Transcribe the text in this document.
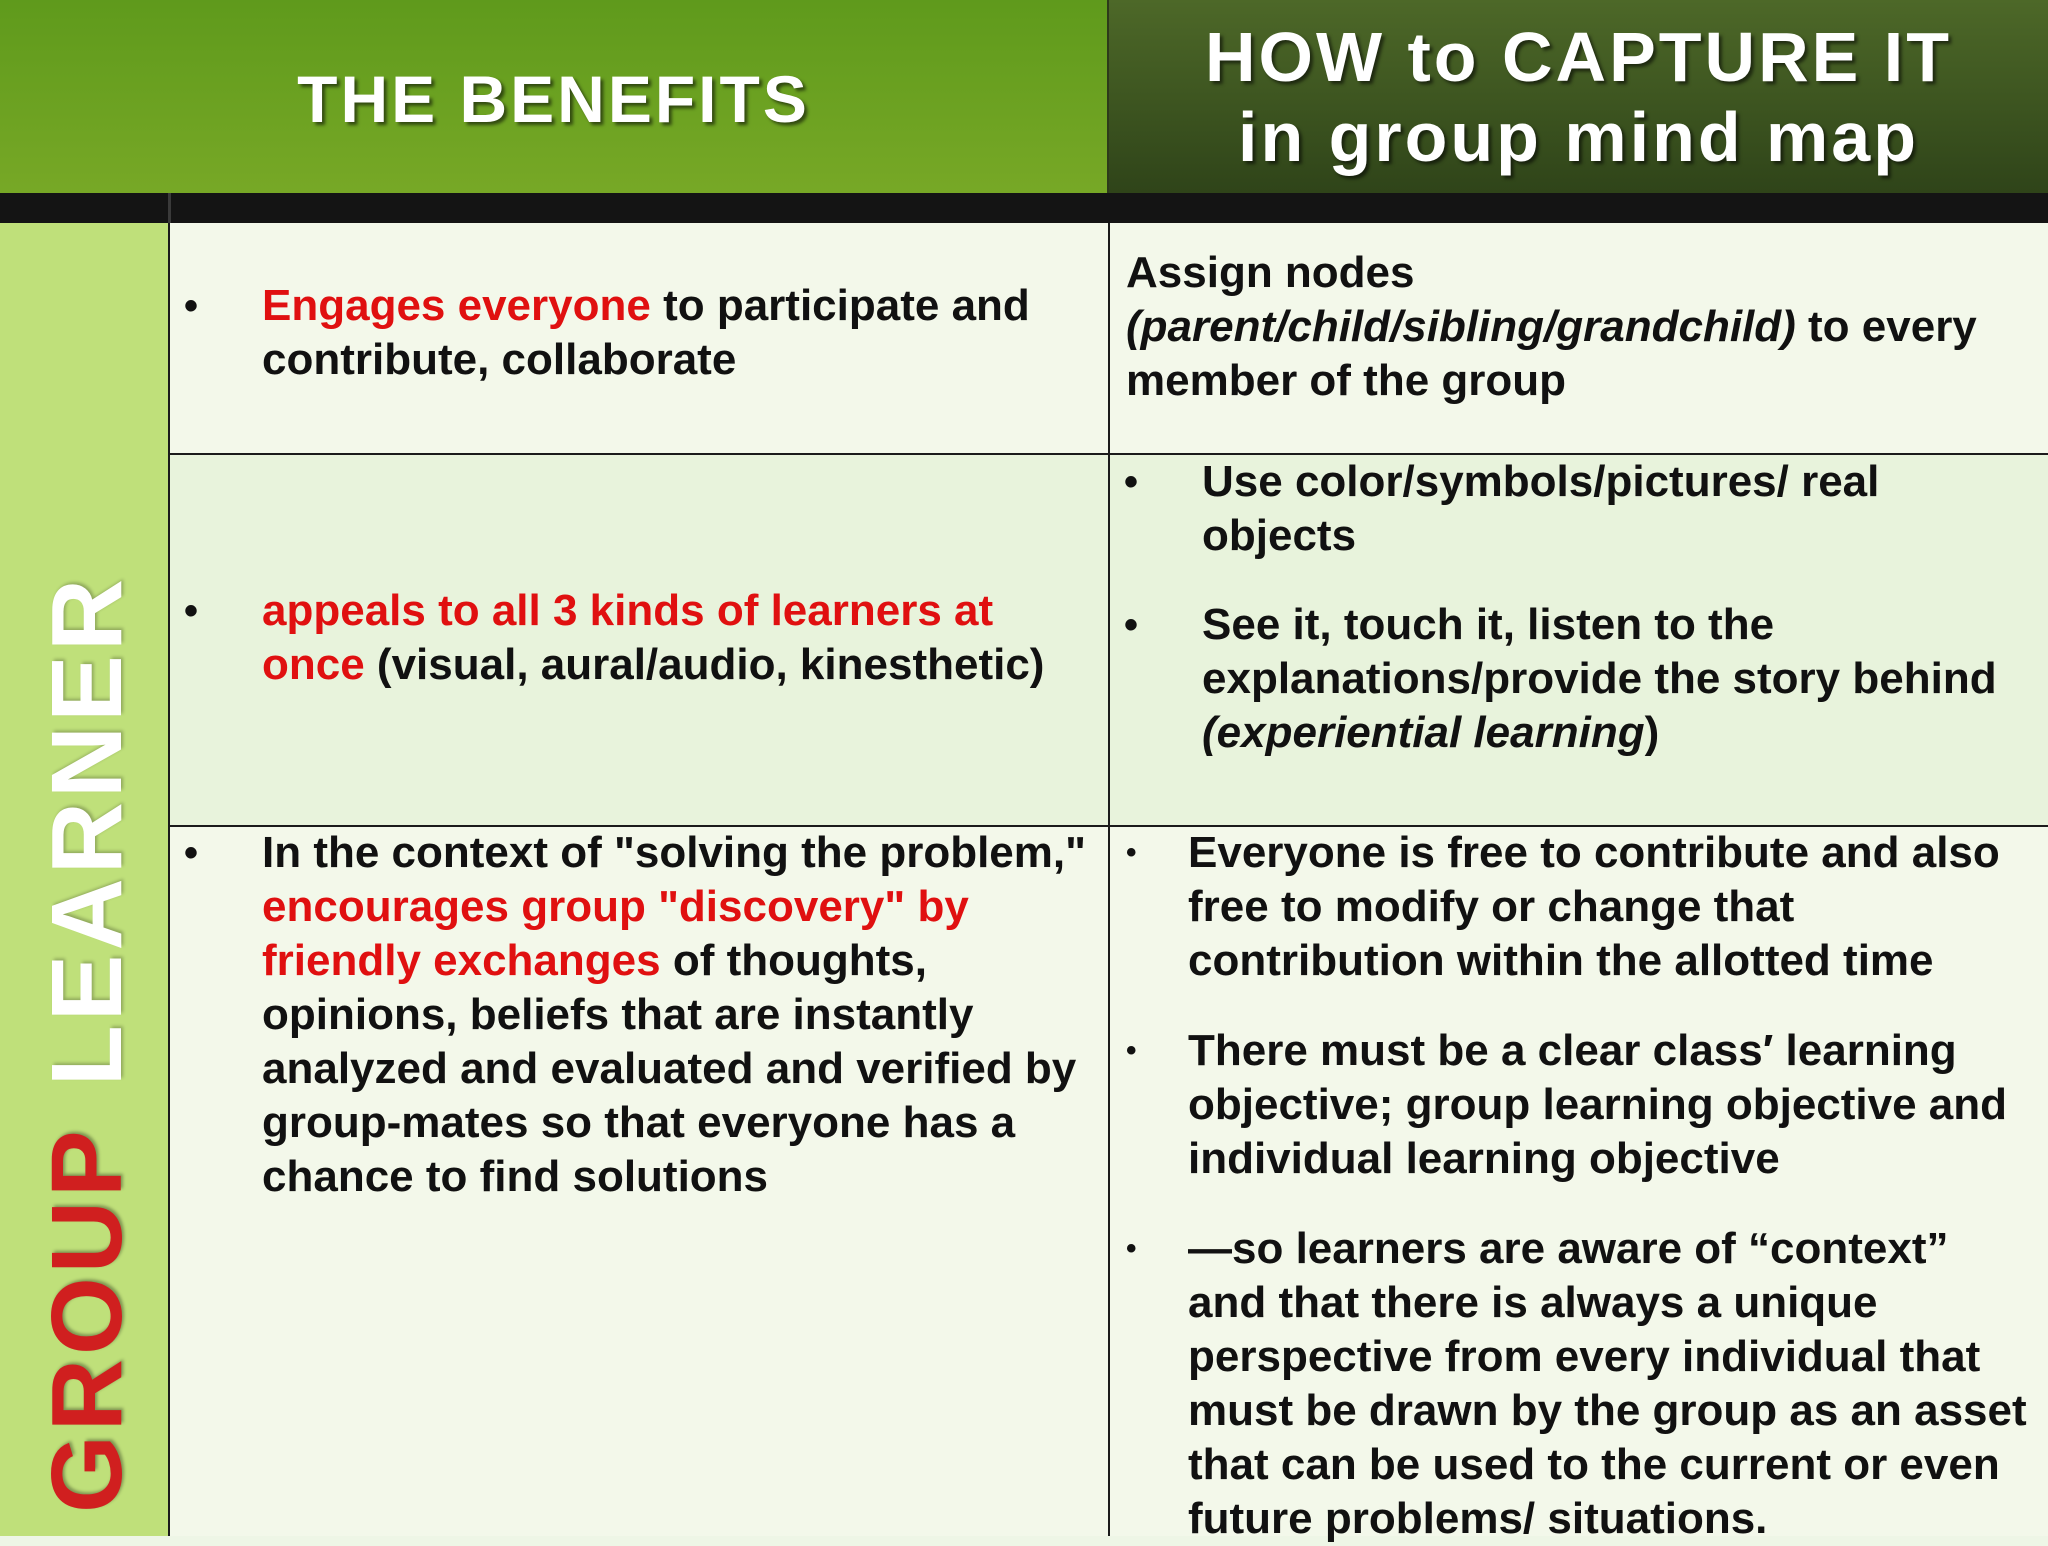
THE BENEFITS
HOW to CAPTURE IT
in group mind map
GROUPLEARNER
• Engages everyone to participate and contribute, collaborate
Assign nodes
(parent/child/sibling/grandchild) to every
member of the group
• appeals to all 3 kinds of learners at once (visual, aural/audio, kinesthetic)
• Use color/symbols/pictures/ real objects
• See it, touch it, listen to the explanations/provide the story behind (experiential learning)
• In the context of "solving the problem," encourages group "discovery" by friendly exchanges of thoughts, opinions, beliefs that are instantly analyzed and evaluated and verified by group-mates so that everyone has a chance to find solutions
• Everyone is free to contribute and also free to modify or change that contribution within the allotted time
• There must be a clear class′ learning objective; group learning objective and individual learning objective
• —so learners are aware of “context” and that there is always a unique perspective from every individual that must be drawn by the group as an asset that can be used to the current or even future problems/ situations.
